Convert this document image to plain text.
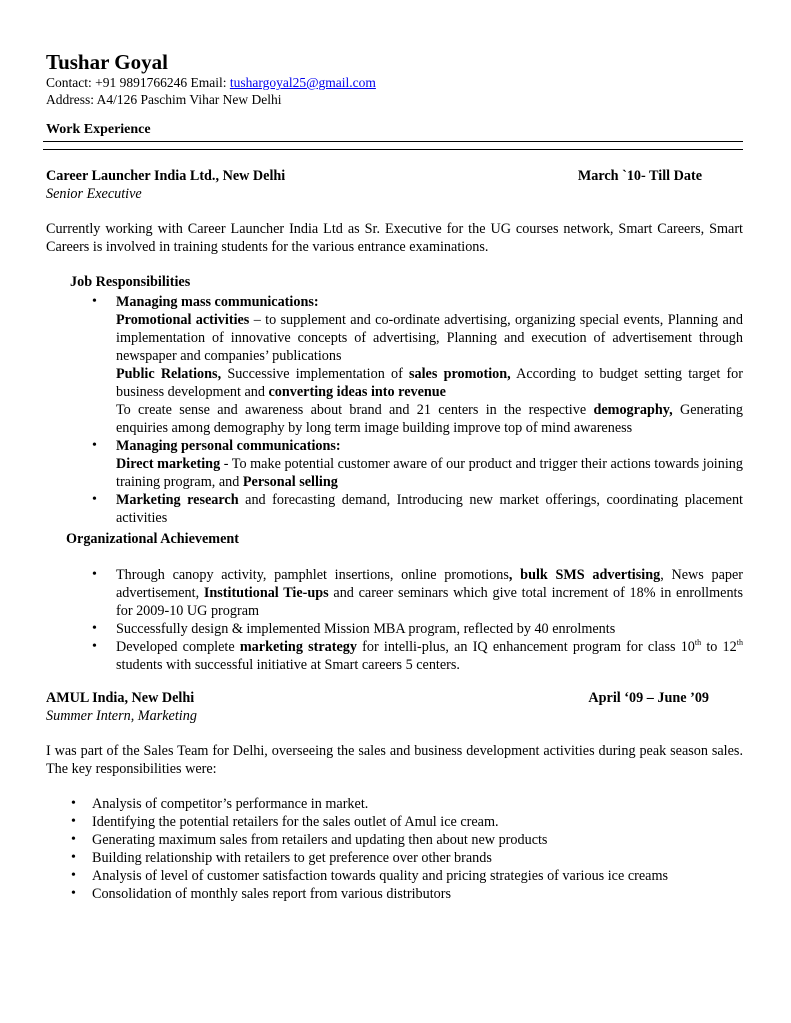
Tushar Goyal
Contact: +91 9891766246 Email: tushargoyal25@gmail.com
Address: A4/126 Paschim Vihar New Delhi
Work Experience
Career Launcher India Ltd., New Delhi	March `10- Till Date
Senior Executive

Currently working with Career Launcher India Ltd as Sr. Executive for the UG courses network, Smart Careers, Smart Careers is involved in training students for the various entrance examinations.

Job Responsibilities
• Managing mass communications:
Promotional activities – to supplement and co-ordinate advertising, organizing special events, Planning and implementation of innovative concepts of advertising, Planning and execution of advertisement through newspaper and companies’ publications
Public Relations, Successive implementation of sales promotion, According to budget setting target for business development and converting ideas into revenue
To create sense and awareness about brand and 21 centers in the respective demography, Generating enquiries among demography by long term image building improve top of mind awareness
• Managing personal communications:
Direct marketing - To make potential customer aware of our product and trigger their actions towards joining training program, and Personal selling
• Marketing research and forecasting demand, Introducing new market offerings, coordinating placement activities
Organizational Achievement
• Through canopy activity, pamphlet insertions, online promotions, bulk SMS advertising, News paper advertisement, Institutional Tie-ups and career seminars which give total increment of 18% in enrollments for 2009-10 UG program
• Successfully design & implemented Mission MBA program, reflected by 40 enrolments
• Developed complete marketing strategy for intelli-plus, an IQ enhancement program for class 10th to 12th students with successful initiative at Smart careers 5 centers.
AMUL India, New Delhi	April ‘09 – June ’09
Summer Intern, Marketing

I was part of the Sales Team for Delhi, overseeing the sales and business development activities during peak season sales. The key responsibilities were:

• Analysis of competitor’s performance in market.
• Identifying the potential retailers for the sales outlet of Amul ice cream.
• Generating maximum sales from retailers and updating then about new products
• Building relationship with retailers to get preference over other brands
• Analysis of level of customer satisfaction towards quality and pricing strategies of various ice creams
• Consolidation of monthly sales report from various distributors
